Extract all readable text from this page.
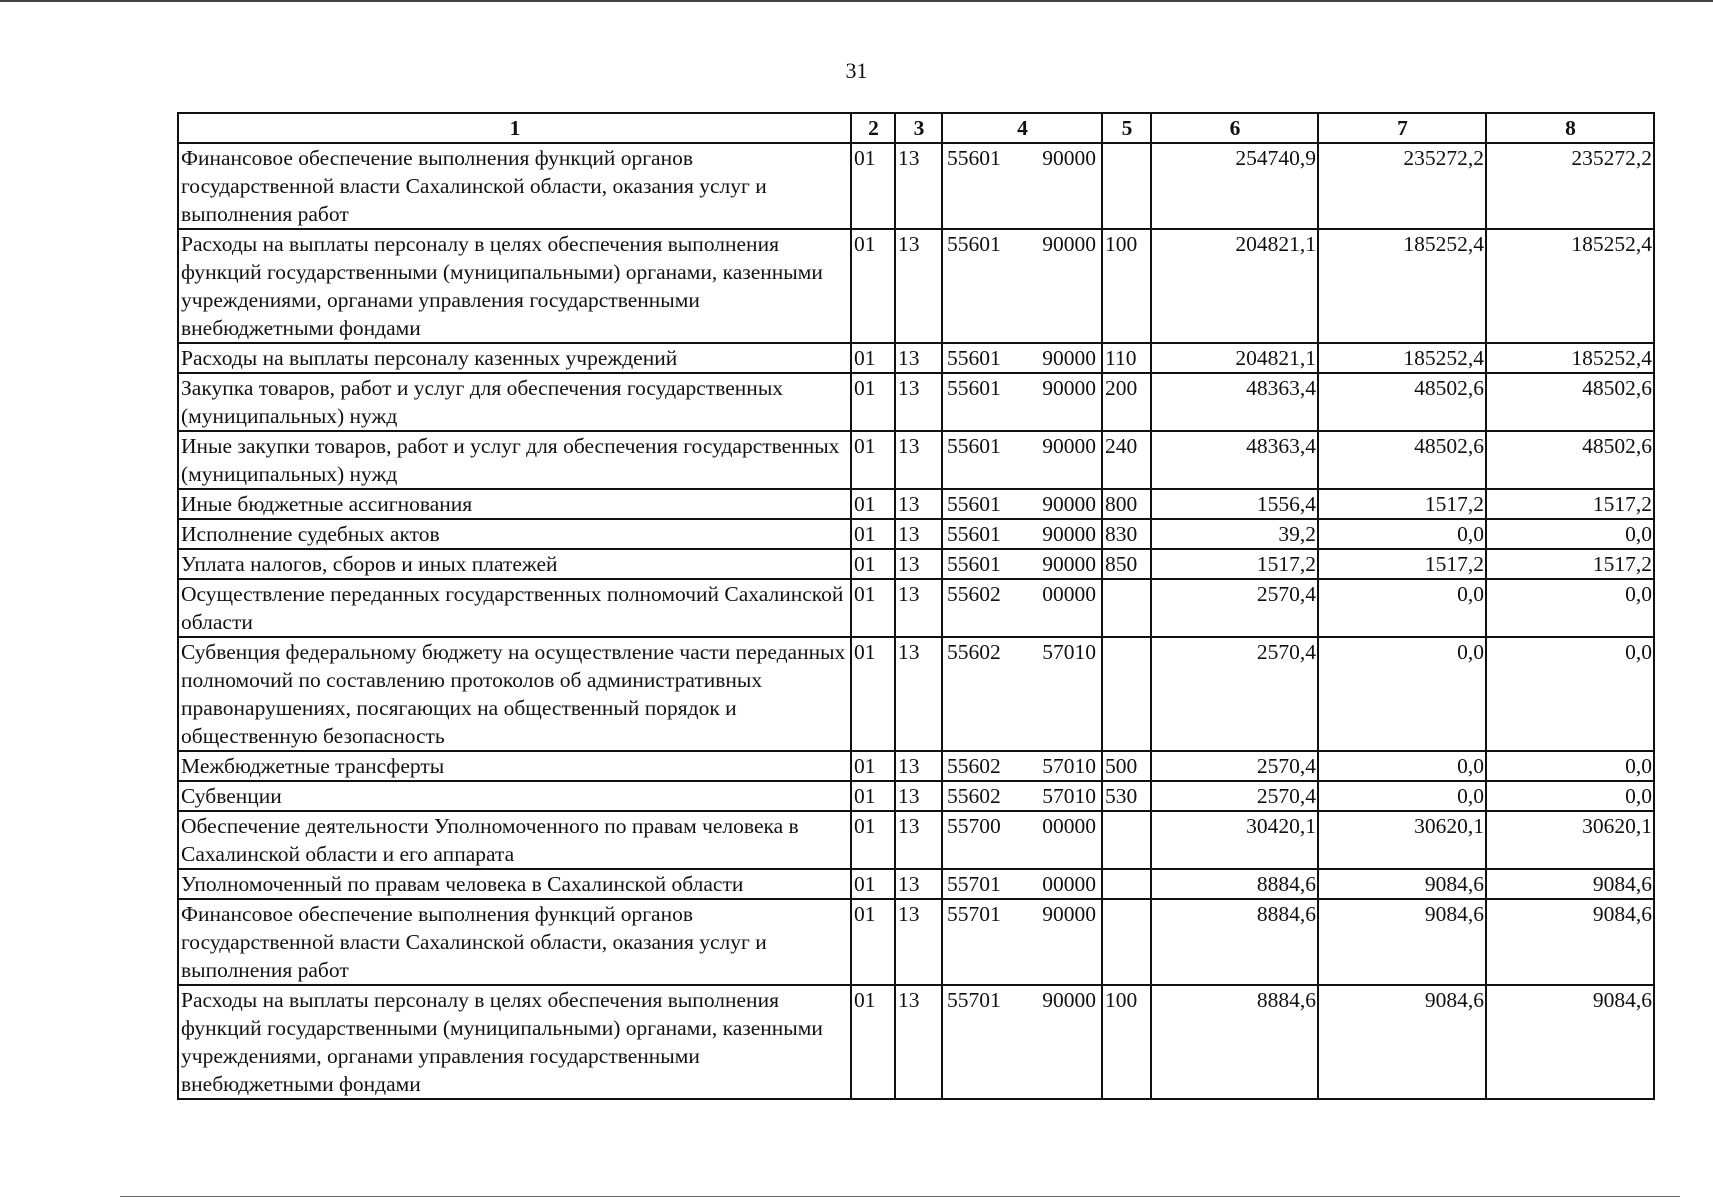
31
1	2	3	4	5	6	7	8
Финансовое обеспечение выполнения функций органов государственной власти Сахалинской области, оказания услуг и выполнения работ	01	13	55601 90000		254740,9	235272,2	235272,2
Расходы на выплаты персоналу в целях обеспечения выполнения функций государственными (муниципальными) органами, казенными учреждениями, органами управления государственными внебюджетными фондами	01	13	55601 90000	100	204821,1	185252,4	185252,4
Расходы на выплаты персоналу казенных учреждений	01	13	55601 90000	110	204821,1	185252,4	185252,4
Закупка товаров, работ и услуг для обеспечения государственных (муниципальных) нужд	01	13	55601 90000	200	48363,4	48502,6	48502,6
Иные закупки товаров, работ и услуг для обеспечения государственных (муниципальных) нужд	01	13	55601 90000	240	48363,4	48502,6	48502,6
Иные бюджетные ассигнования	01	13	55601 90000	800	1556,4	1517,2	1517,2
Исполнение судебных актов	01	13	55601 90000	830	39,2	0,0	0,0
Уплата налогов, сборов и иных платежей	01	13	55601 90000	850	1517,2	1517,2	1517,2
Осуществление переданных государственных полномочий Сахалинской области	01	13	55602 00000		2570,4	0,0	0,0
Субвенция федеральному бюджету на осуществление части переданных полномочий по составлению протоколов об административных правонарушениях, посягающих на общественный порядок и общественную безопасность	01	13	55602 57010		2570,4	0,0	0,0
Межбюджетные трансферты	01	13	55602 57010	500	2570,4	0,0	0,0
Субвенции	01	13	55602 57010	530	2570,4	0,0	0,0
Обеспечение деятельности Уполномоченного по правам человека в Сахалинской области и его аппарата	01	13	55700 00000		30420,1	30620,1	30620,1
Уполномоченный по правам человека в Сахалинской области	01	13	55701 00000		8884,6	9084,6	9084,6
Финансовое обеспечение выполнения функций органов государственной власти Сахалинской области, оказания услуг и выполнения работ	01	13	55701 90000		8884,6	9084,6	9084,6
Расходы на выплаты персоналу в целях обеспечения выполнения функций государственными (муниципальными) органами, казенными учреждениями, органами управления государственными внебюджетными фондами	01	13	55701 90000	100	8884,6	9084,6	9084,6
